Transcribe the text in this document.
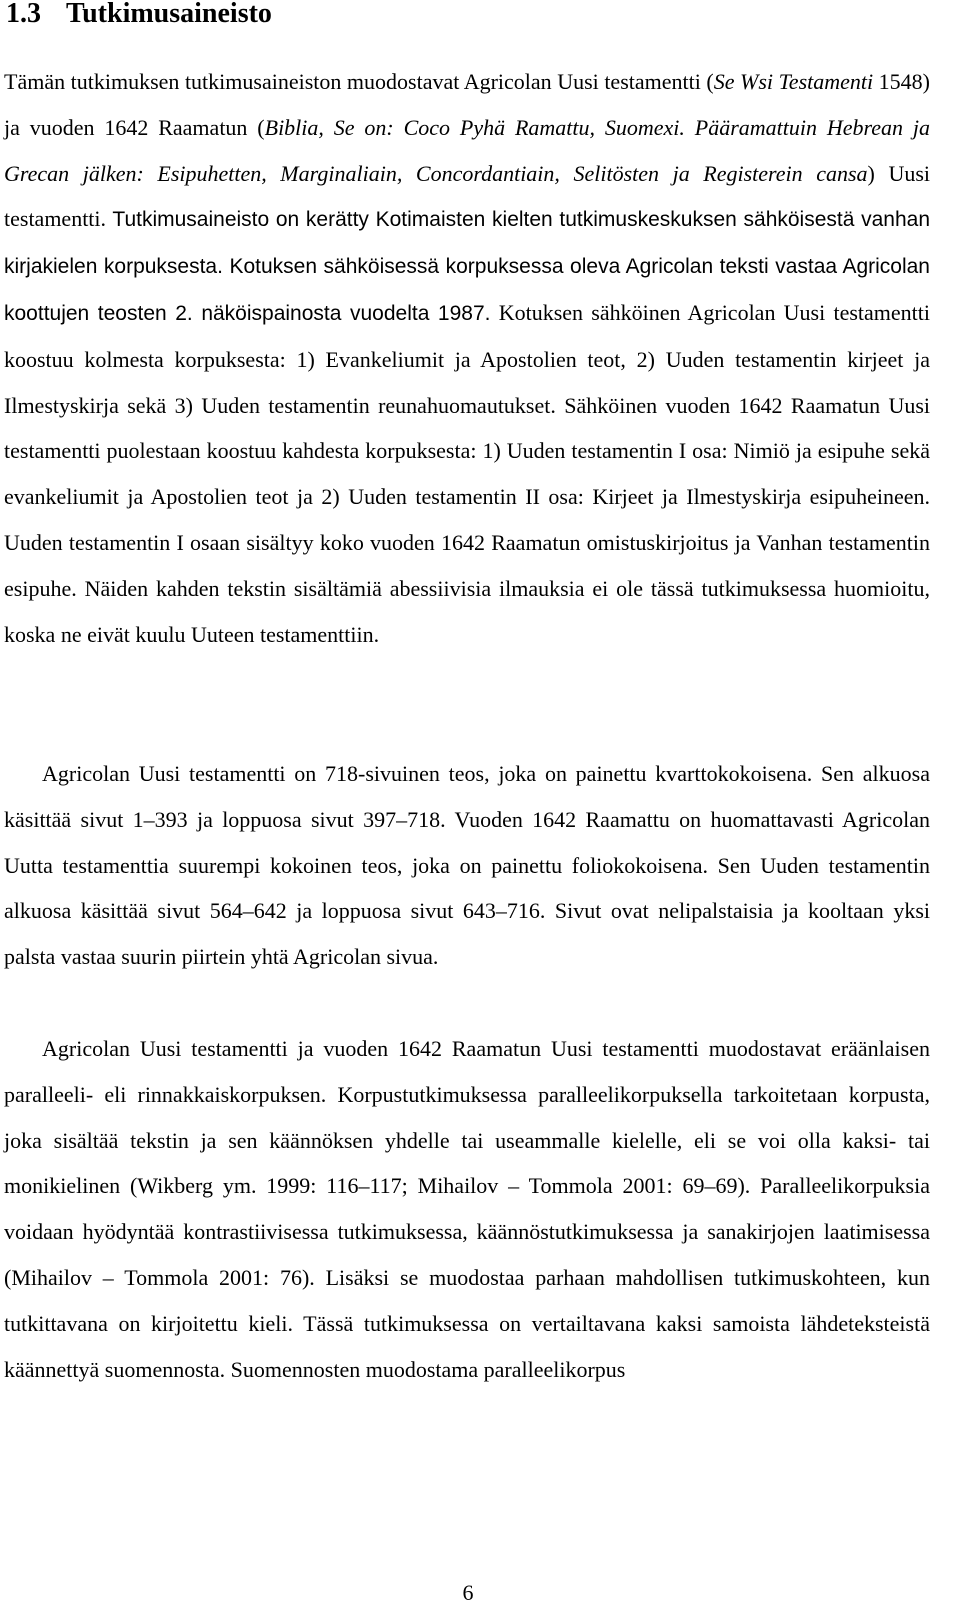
1.3 Tutkimusaineisto

Tämän tutkimuksen tutkimusaineiston muodostavat Agricolan Uusi testamentti (Se Wsi Testamenti 1548) ja vuoden 1642 Raamatun (Biblia, Se on: Coco Pyhä Ramattu, Suomexi. Pääramattuin Hebrean ja Grecan jälken: Esipuhetten, Marginaliain, Concordantiain, Selitösten ja Registerein cansa) Uusi testamentti. Tutkimusaineisto on kerätty Kotimaisten kielten tutkimuskeskuksen sähköisestä vanhan kirjakielen korpuksesta. Kotuksen sähköisessä korpuksessa oleva Agricolan teksti vastaa Agricolan koottujen teosten 2. näköispainosta vuodelta 1987. Kotuksen sähköinen Agricolan Uusi testamentti koostuu kolmesta korpuksesta: 1) Evankeliumit ja Apostolien teot, 2) Uuden testamentin kirjeet ja Ilmestyskirja sekä 3) Uuden testamentin reunahuomautukset. Sähköinen vuoden 1642 Raamatun Uusi testamentti puolestaan koostuu kahdesta korpuksesta: 1) Uuden testamentin I osa: Nimiö ja esipuhe sekä evankeliumit ja Apostolien teot ja 2) Uuden testamentin II osa: Kirjeet ja Ilmestyskirja esipuheineen. Uuden testamentin I osaan sisältyy koko vuoden 1642 Raamatun omistuskirjoitus ja Vanhan testamentin esipuhe. Näiden kahden tekstin sisältämiä abessiivisia ilmauksia ei ole tässä tutkimuksessa huomioitu, koska ne eivät kuulu Uuteen testamenttiin.

Agricolan Uusi testamentti on 718-sivuinen teos, joka on painettu kvarttokokoisena. Sen alkuosa käsittää sivut 1–393 ja loppuosa sivut 397–718. Vuoden 1642 Raamattu on huomattavasti Agricolan Uutta testamenttia suurempi kokoinen teos, joka on painettu foliokokoisena. Sen Uuden testamentin alkuosa käsittää sivut 564–642 ja loppuosa sivut 643–716. Sivut ovat nelipalstaisia ja kooltaan yksi palsta vastaa suurin piirtein yhtä Agricolan sivua.

Agricolan Uusi testamentti ja vuoden 1642 Raamatun Uusi testamentti muodostavat eräänlaisen paralleeli- eli rinnakkaiskorpuksen. Korpustutkimuksessa paralleelikorpuksella tarkoitetaan korpusta, joka sisältää tekstin ja sen käännöksen yhdelle tai useammalle kielelle, eli se voi olla kaksi- tai monikielinen (Wikberg ym. 1999: 116–117; Mihailov – Tommola 2001: 69–69). Paralleelikorpuksia voidaan hyödyntää kontrastiivisessa tutkimuksessa, käännöstutkimuksessa ja sanakirjojen laatimisessa (Mihailov – Tommola 2001: 76). Lisäksi se muodostaa parhaan mahdollisen tutkimuskohteen, kun tutkittavana on kirjoitettu kieli. Tässä tutkimuksessa on vertailtavana kaksi samoista lähdeteksteistä käännettyä suomennosta. Suomennosten muodostama paralleelikorpus

6
